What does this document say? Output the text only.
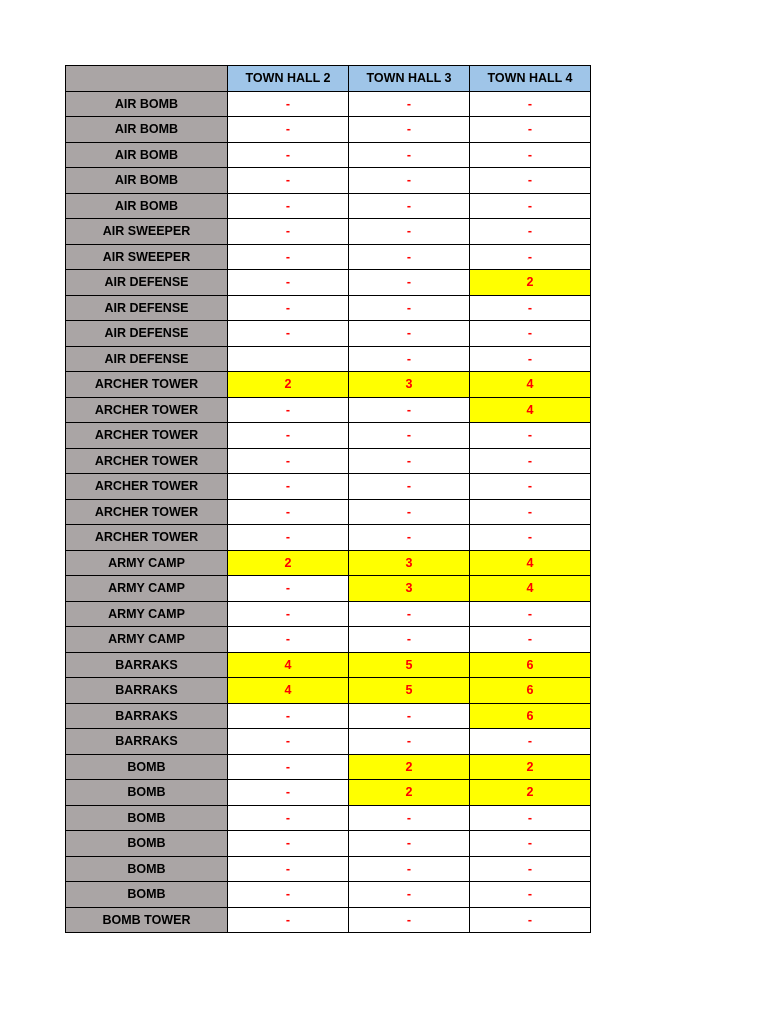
	TOWN HALL 2	TOWN HALL 3	TOWN HALL 4
AIR BOMB	-	-	-
AIR BOMB	-	-	-
AIR BOMB	-	-	-
AIR BOMB	-	-	-
AIR BOMB	-	-	-
AIR SWEEPER	-	-	-
AIR SWEEPER	-	-	-
AIR DEFENSE	-	-	2
AIR DEFENSE	-	-	-
AIR DEFENSE	-	-	-
AIR DEFENSE		-	-
ARCHER TOWER	2	3	4
ARCHER TOWER	-	-	4
ARCHER TOWER	-	-	-
ARCHER TOWER	-	-	-
ARCHER TOWER	-	-	-
ARCHER TOWER	-	-	-
ARCHER TOWER	-	-	-
ARMY CAMP	2	3	4
ARMY CAMP	-	3	4
ARMY CAMP	-	-	-
ARMY CAMP	-	-	-
BARRAKS	4	5	6
BARRAKS	4	5	6
BARRAKS	-	-	6
BARRAKS	-	-	-
BOMB	-	2	2
BOMB	-	2	2
BOMB	-	-	-
BOMB	-	-	-
BOMB	-	-	-
BOMB	-	-	-
BOMB TOWER	-	-	-
